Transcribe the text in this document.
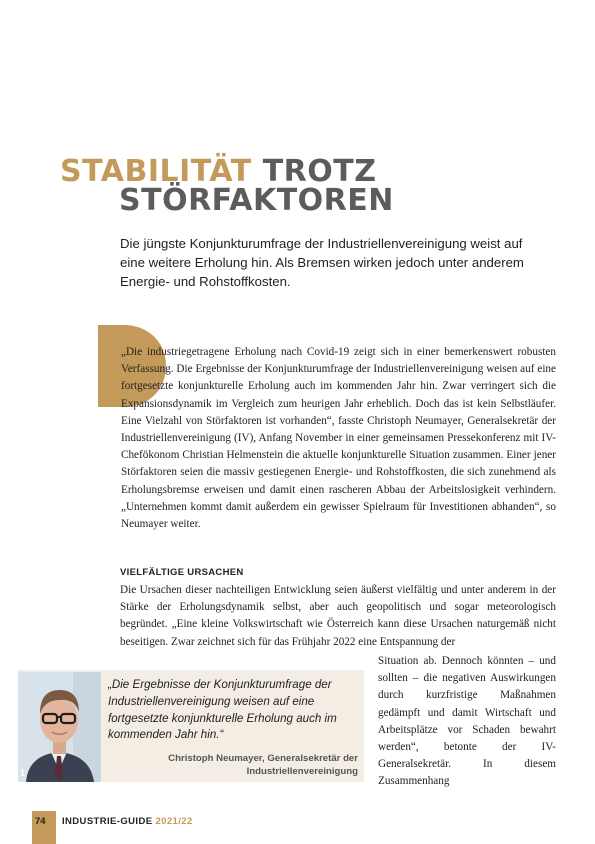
STABILITÄT TROTZ
STÖRFAKTOREN

Die jüngste Konjunkturumfrage der Industriellenvereinigung weist auf eine weitere Erholung hin. Als Bremsen wirken jedoch unter anderem Energie- und Rohstoffkosten.

„Die industriegetragene Erholung nach Covid-19 zeigt sich in einer bemerkenswert robusten Verfassung. Die Ergebnisse der Konjunkturumfrage der Industriellenvereinigung weisen auf eine fortgesetzte konjunkturelle Erholung auch im kommenden Jahr hin. Zwar verringert sich die Expansionsdynamik im Vergleich zum heurigen Jahr erheblich. Doch das ist kein Selbstläufer. Eine Vielzahl von Störfaktoren ist vorhanden“, fasste Christoph Neumayer, Generalsekretär der Industriellenvereinigung (IV), Anfang November in einer gemeinsamen Pressekonferenz mit IV-Chefökonom Christian Helmenstein die aktuelle konjunkturelle Situation zusammen. Einer jener Störfaktoren seien die massiv gestiegenen Energie- und Rohstoffkosten, die sich zunehmend als Erholungsbremse erweisen und damit einen rascheren Abbau der Arbeitslosigkeit verhindern. „Unternehmen kommt damit außerdem ein gewisser Spielraum für Investitionen abhanden“, so Neumayer weiter.

VIELFÄLTIGE URSACHEN

Die Ursachen dieser nachteiligen Entwicklung seien äußerst vielfältig und unter anderem in der Stärke der Erholungsdynamik selbst, aber auch geopolitisch und sogar meteorologisch begründet. „Eine kleine Volkswirtschaft wie Österreich kann diese Ursachen naturgemäß nicht beseitigen. Zwar zeichnet sich für das Frühjahr 2022 eine Entspannung der

Situation ab. Dennoch könnten – und sollten – die negativen Auswirkungen durch kurzfristige Maßnahmen gedämpft und damit Wirtschaft und Arbeitsplätze vor Schaden bewahrt werden“, betonte der IV-Generalsekretär. In diesem Zusammenhang

1

„Die Ergebnisse der Konjunkturumfrage der Industriellenvereinigung weisen auf eine fortgesetzte konjunkturelle Erholung auch im kommenden Jahr hin.“

Christoph Neumayer, Generalsekretär der Industriellenvereinigung

74 INDUSTRIE-GUIDE 2021/22
